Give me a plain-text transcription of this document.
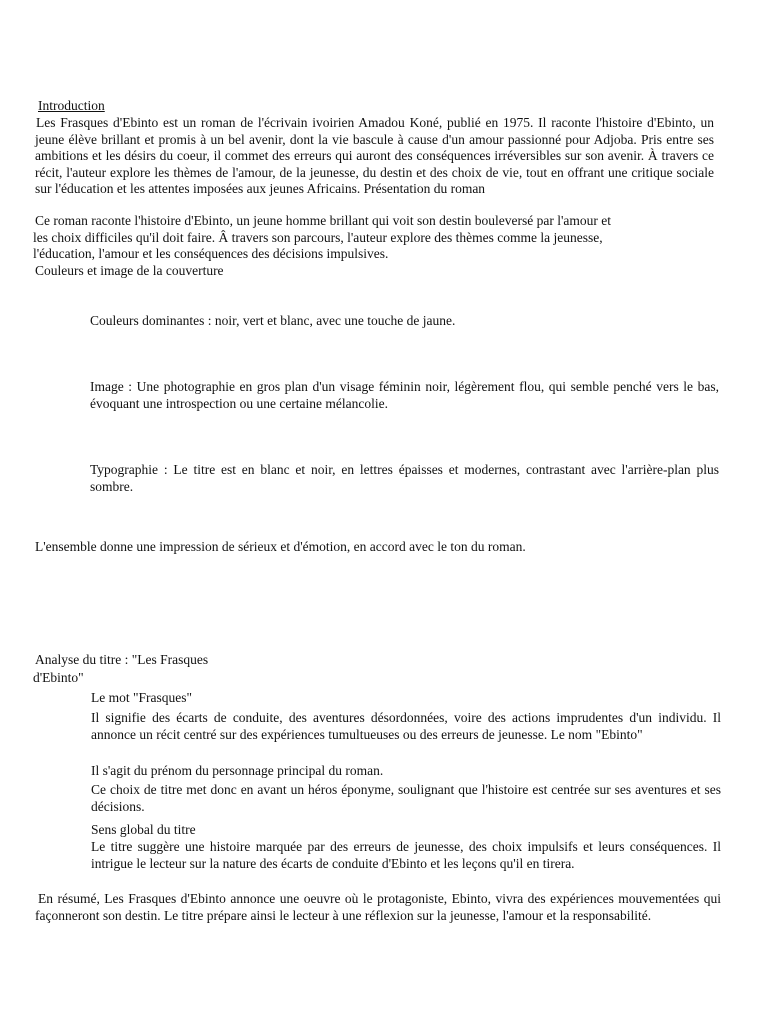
Introduction

Les Frasques d'Ebinto est un roman de l'écrivain ivoirien Amadou Koné, publié en 1975. Il raconte l'histoire d'Ebinto, un jeune élève brillant et promis à un bel avenir, dont la vie bascule à cause d'un amour passionné pour Adjoba. Pris entre ses ambitions et les désirs du coeur, il commet des erreurs qui auront des conséquences irréversibles sur son avenir. À travers ce récit, l'auteur explore les thèmes de l'amour, de la jeunesse, du destin et des choix de vie, tout en offrant une critique sociale sur l'éducation et les attentes imposées aux jeunes Africains. Présentation du roman

Ce roman raconte l'histoire d'Ebinto, un jeune homme brillant qui voit son destin bouleversé par l'amour et

les choix difficiles qu'il doit faire. Â travers son parcours, l'auteur explore des thèmes comme la jeunesse,

l'éducation, l'amour et les conséquences des décisions impulsives.

Couleurs et image de la couverture

Couleurs dominantes : noir, vert et blanc, avec une touche de jaune.

Image : Une photographie en gros plan d'un visage féminin noir, légèrement flou, qui semble penché vers le bas, évoquant une introspection ou une certaine mélancolie.

Typographie : Le titre est en blanc et noir, en lettres épaisses et modernes, contrastant avec l'arrière-plan plus sombre.

L'ensemble donne une impression de sérieux et d'émotion, en accord avec le ton du roman.

Analyse du titre : "Les Frasques

d'Ebinto"

Le mot "Frasques"

Il signifie des écarts de conduite, des aventures désordonnées, voire des actions imprudentes d'un individu. Il annonce un récit centré sur des expériences tumultueuses ou des erreurs de jeunesse. Le nom "Ebinto"

Il s'agit du prénom du personnage principal du roman.

Ce choix de titre met donc en avant un héros éponyme, soulignant que l'histoire est centrée sur ses aventures et ses décisions.

Sens global du titre

Le titre suggère une histoire marquée par des erreurs de jeunesse, des choix impulsifs et leurs conséquences. Il intrigue le lecteur sur la nature des écarts de conduite d'Ebinto et les leçons qu'il en tirera.

En résumé, Les Frasques d'Ebinto annonce une oeuvre où le protagoniste, Ebinto, vivra des expériences mouvementées qui façonneront son destin. Le titre prépare ainsi le lecteur à une réflexion sur la jeunesse, l'amour et la responsabilité.
